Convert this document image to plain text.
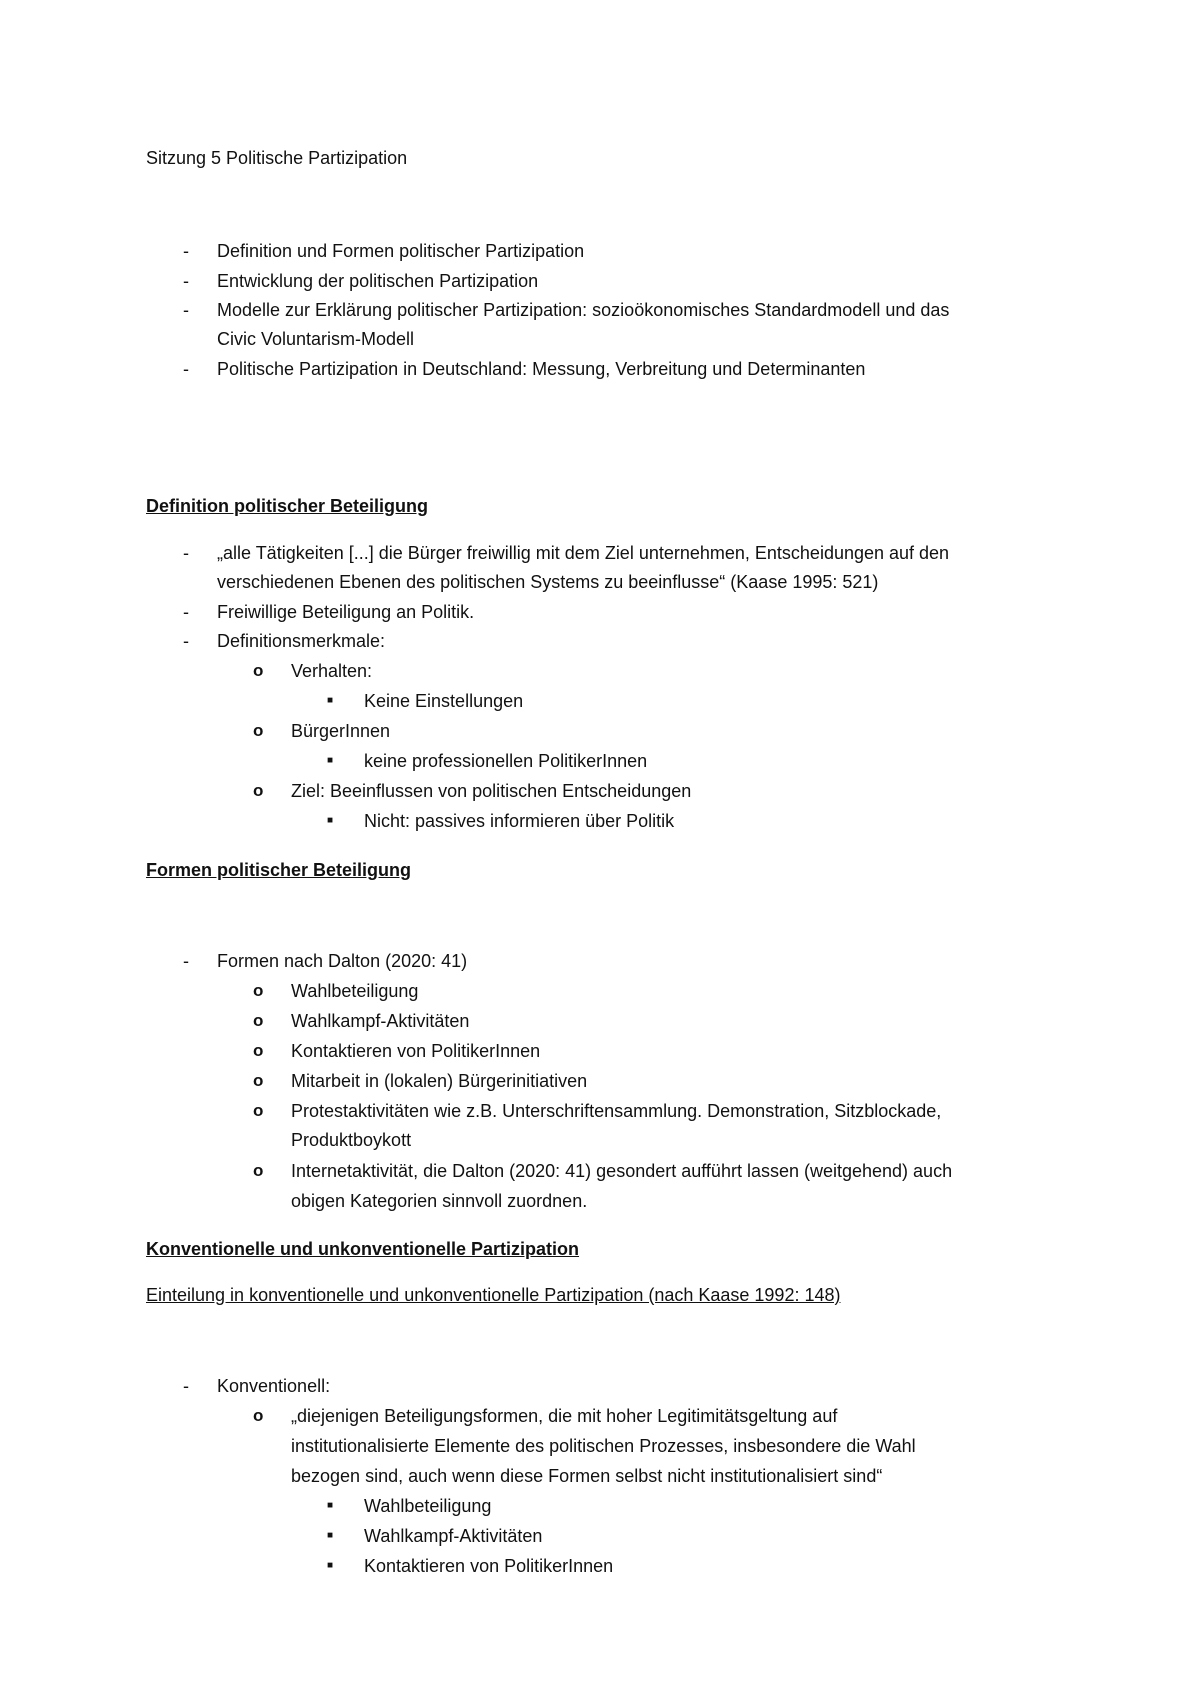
Sitzung 5 Politische Partizipation
- Definition und Formen politischer Partizipation
- Entwicklung der politischen Partizipation
- Modelle zur Erklärung politischer Partizipation: sozioökonomisches Standardmodell und das
Civic Voluntarism-Modell
- Politische Partizipation in Deutschland: Messung, Verbreitung und Determinanten
Definition politischer Beteiligung
- „alle Tätigkeiten [...] die Bürger freiwillig mit dem Ziel unternehmen, Entscheidungen auf den
verschiedenen Ebenen des politischen Systems zu beeinflusse“ (Kaase 1995: 521)
- Freiwillige Beteiligung an Politik.
- Definitionsmerkmale:
o Verhalten:
■ Keine Einstellungen
o BürgerInnen
■ keine professionellen PolitikerInnen
o Ziel: Beeinflussen von politischen Entscheidungen
■ Nicht: passives informieren über Politik
Formen politischer Beteiligung
- Formen nach Dalton (2020: 41)
o Wahlbeteiligung
o Wahlkampf-Aktivitäten
o Kontaktieren von PolitikerInnen
o Mitarbeit in (lokalen) Bürgerinitiativen
o Protestaktivitäten wie z.B. Unterschriftensammlung. Demonstration, Sitzblockade,
Produktboykott
o Internetaktivität, die Dalton (2020: 41) gesondert aufführt lassen (weitgehend) auch
obigen Kategorien sinnvoll zuordnen.
Konventionelle und unkonventionelle Partizipation
Einteilung in konventionelle und unkonventionelle Partizipation (nach Kaase 1992: 148)
- Konventionell:
o „diejenigen Beteiligungsformen, die mit hoher Legitimitätsgeltung auf
institutionalisierte Elemente des politischen Prozesses, insbesondere die Wahl
bezogen sind, auch wenn diese Formen selbst nicht institutionalisiert sind“
■ Wahlbeteiligung
■ Wahlkampf-Aktivitäten
■ Kontaktieren von PolitikerInnen
